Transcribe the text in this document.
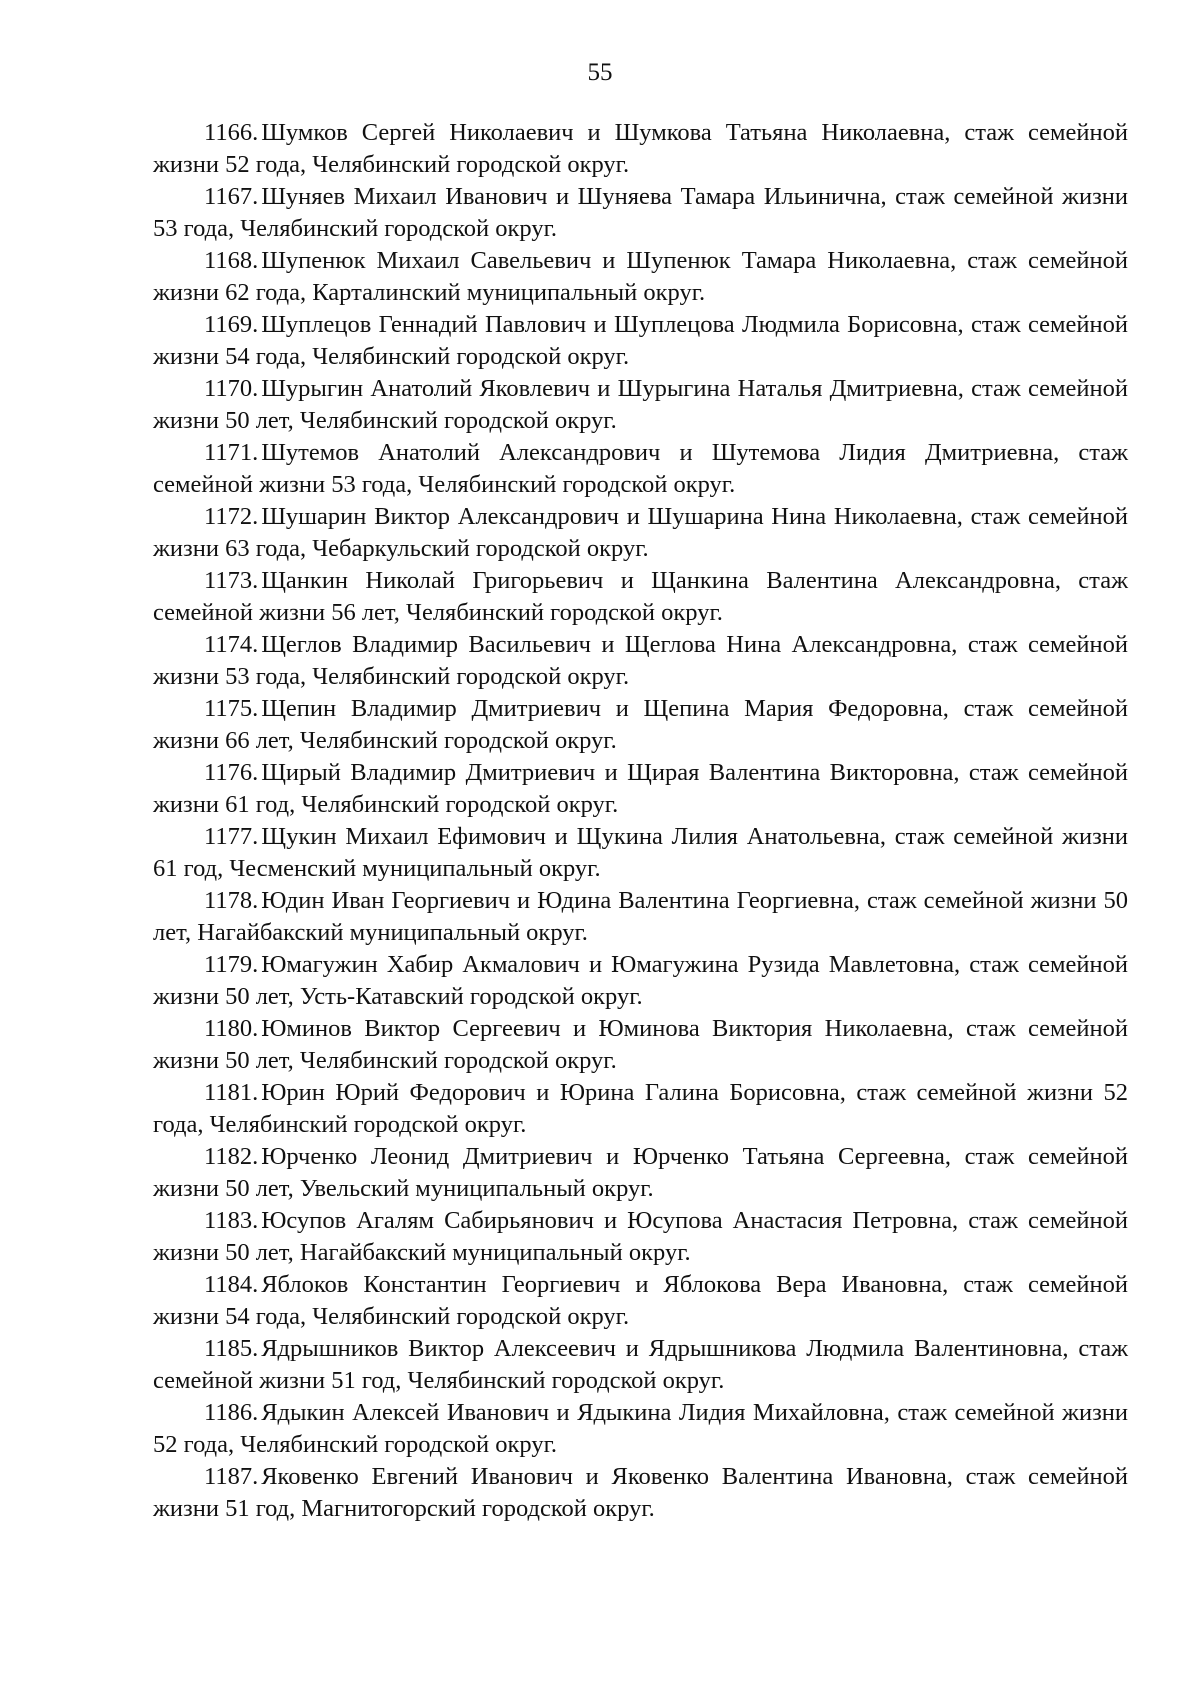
55

1166. Шумков Сергей Николаевич и Шумкова Татьяна Николаевна, стаж семейной жизни 52 года, Челябинский городской округ.

1167. Шуняев Михаил Иванович и Шуняева Тамара Ильинична, стаж семейной жизни 53 года, Челябинский городской округ.

1168. Шупенюк Михаил Савельевич и Шупенюк Тамара Николаевна, стаж семейной жизни 62 года, Карталинский муниципальный округ.

1169. Шуплецов Геннадий Павлович и Шуплецова Людмила Борисовна, стаж семейной жизни 54 года, Челябинский городской округ.

1170. Шурыгин Анатолий Яковлевич и Шурыгина Наталья Дмитриевна, стаж семейной жизни 50 лет, Челябинский городской округ.

1171. Шутемов Анатолий Александрович и Шутемова Лидия Дмитриевна, стаж семейной жизни 53 года, Челябинский городской округ.

1172. Шушарин Виктор Александрович и Шушарина Нина Николаевна, стаж семейной жизни 63 года, Чебаркульский городской округ.

1173. Щанкин Николай Григорьевич и Щанкина Валентина Александровна, стаж семейной жизни 56 лет, Челябинский городской округ.

1174. Щеглов Владимир Васильевич и Щеглова Нина Александровна, стаж семейной жизни 53 года, Челябинский городской округ.

1175. Щепин Владимир Дмитриевич и Щепина Мария Федоровна, стаж семейной жизни 66 лет, Челябинский городской округ.

1176. Щирый Владимир Дмитриевич и Щирая Валентина Викторовна, стаж семейной жизни 61 год, Челябинский городской округ.

1177. Щукин Михаил Ефимович и Щукина Лилия Анатольевна, стаж семейной жизни 61 год, Чесменский муниципальный округ.

1178. Юдин Иван Георгиевич и Юдина Валентина Георгиевна, стаж семейной жизни 50 лет, Нагайбакский муниципальный округ.

1179. Юмагужин Хабир Акмалович и Юмагужина Рузида Мавлетовна, стаж семейной жизни 50 лет, Усть-Катавский городской округ.

1180. Юминов Виктор Сергеевич и Юминова Виктория Николаевна, стаж семейной жизни 50 лет, Челябинский городской округ.

1181. Юрин Юрий Федорович и Юрина Галина Борисовна, стаж семейной жизни 52 года, Челябинский городской округ.

1182. Юрченко Леонид Дмитриевич и Юрченко Татьяна Сергеевна, стаж семейной жизни 50 лет, Увельский муниципальный округ.

1183. Юсупов Агалям Сабирьянович и Юсупова Анастасия Петровна, стаж семейной жизни 50 лет, Нагайбакский муниципальный округ.

1184. Яблоков Константин Георгиевич и Яблокова Вера Ивановна, стаж семейной жизни 54 года, Челябинский городской округ.

1185. Ядрышников Виктор Алексеевич и Ядрышникова Людмила Валентиновна, стаж семейной жизни 51 год, Челябинский городской округ.

1186. Ядыкин Алексей Иванович и Ядыкина Лидия Михайловна, стаж семейной жизни 52 года, Челябинский городской округ.

1187. Яковенко Евгений Иванович и Яковенко Валентина Ивановна, стаж семейной жизни 51 год, Магнитогорский городской округ.
